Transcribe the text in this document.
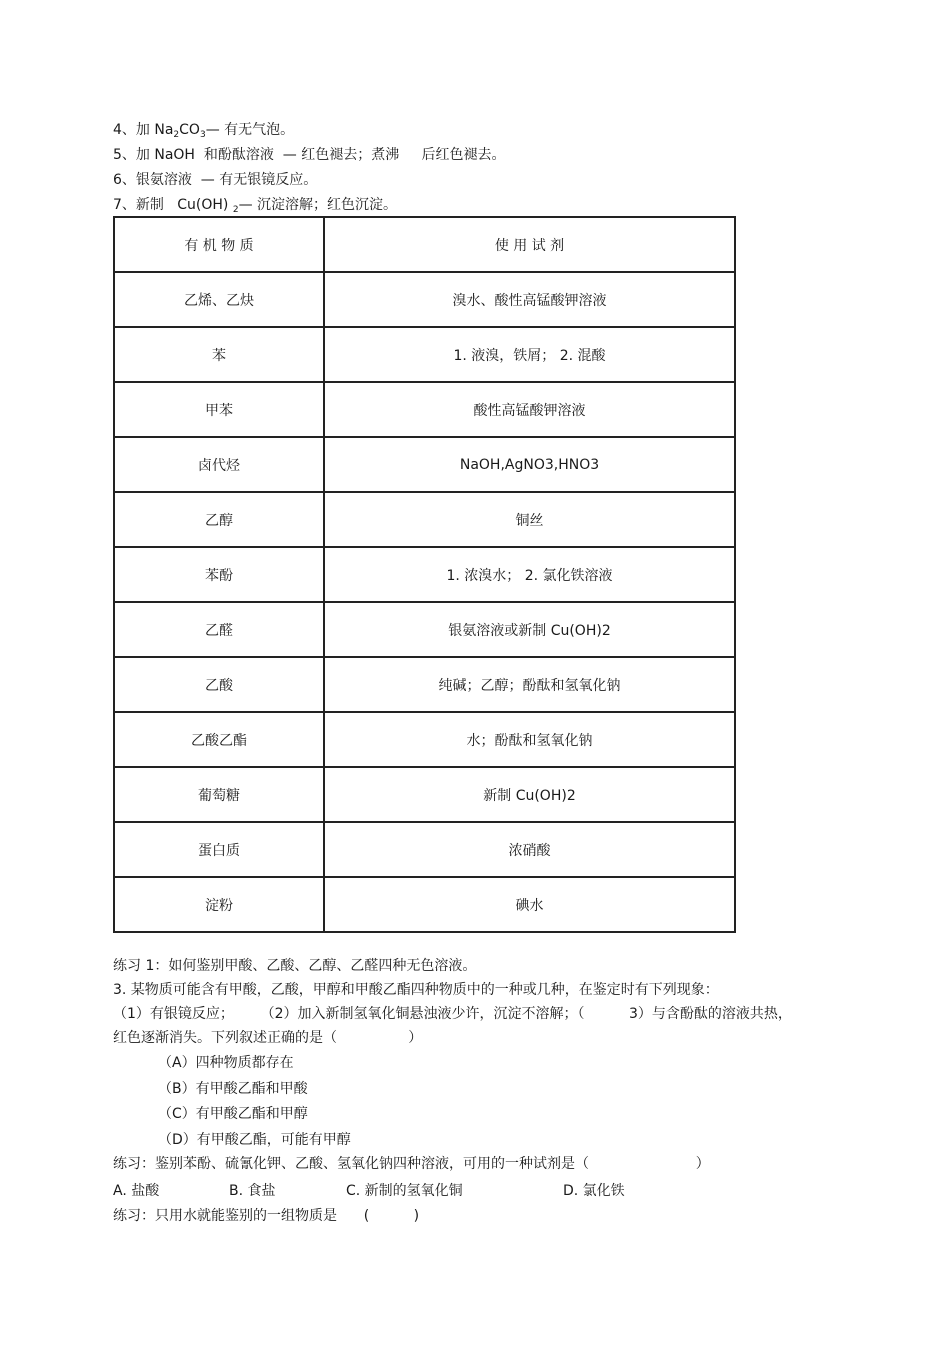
4、加 $Na_2CO_3—$ 有无气泡。
5、加 NaOH  和酚酞溶液  — 红色褪去；煮沸     后红色褪去。
6、银氨溶液  — 有无银镜反应。
7、新制   Cu(OH) $_2$— 沉淀溶解；红色沉淀。
有 机 物 质	使 用 试 剂
乙烯、乙炔	溴水、酸性高锰酸钾溶液
苯	1. 液溴，铁屑； 2. 混酸
甲苯	酸性高锰酸钾溶液
卤代烃	NaOH,AgNO3,HNO3
乙醇	铜丝
苯酚	1. 浓溴水； 2. 氯化铁溶液
乙醛	银氨溶液或新制 Cu(OH)2
乙酸	纯碱；乙醇；酚酞和氢氧化钠
乙酸乙酯	水；酚酞和氢氧化钠
葡萄糖	新制 Cu(OH)2
蛋白质	浓硝酸
淀粉	碘水
练习 1：如何鉴别甲酸、乙酸、乙醇、乙醛四种无色溶液。
3. 某物质可能含有甲酸，乙酸，甲醇和甲酸乙酯四种物质中的一种或几种，在鉴定时有下列现象：
（1）有银镜反应；      （2）加入新制氢氧化铜悬浊液少许，沉淀不溶解；（          3）与含酚酞的溶液共热，
红色逐渐消失。下列叙述正确的是（                ）
（A）四种物质都存在
（B）有甲酸乙酯和甲酸
（C）有甲酸乙酯和甲醇
（D）有甲酸乙酯，可能有甲醇
练习：鉴别苯酚、硫氰化钾、乙酸、氢氧化钠四种溶液，可用的一种试剂是（                        ）
A. 盐酸	B. 食盐	C. 新制的氢氧化铜	D. 氯化铁
练习：只用水就能鉴别的一组物质是      (          )
